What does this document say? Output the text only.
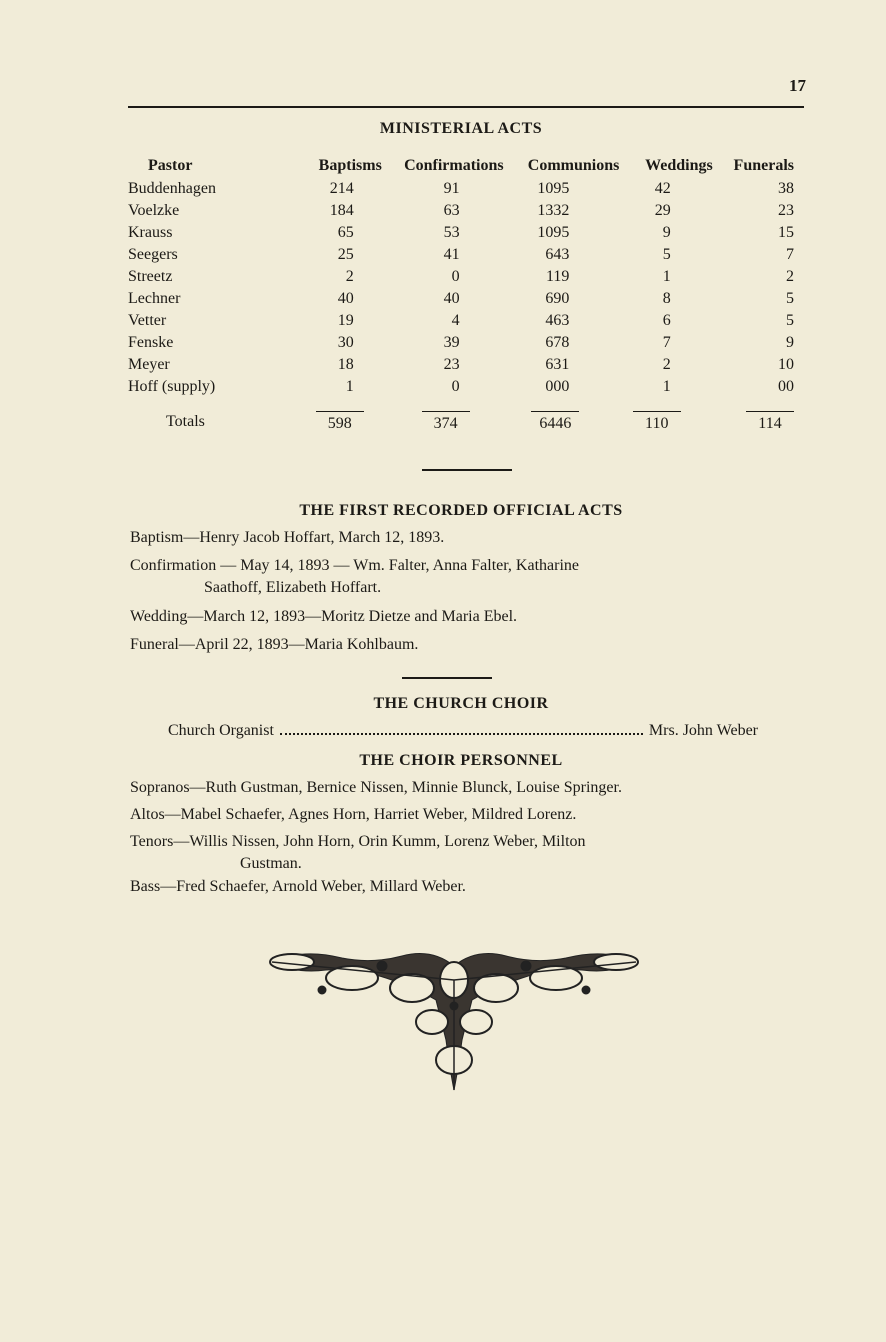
17
MINISTERIAL ACTS
Pastor	Baptisms	Confirmations	Communions	Weddings	Funerals
Buddenhagen	214	91	1095	42	38
Voelzke	184	63	1332	29	23
Krauss	65	53	1095	9	15
Seegers	25	41	643	5	7
Streetz	2	0	119	1	2
Lechner	40	40	690	8	5
Vetter	19	4	463	6	5
Fenske	30	39	678	7	9
Meyer	18	23	631	2	10
Hoff (supply)	1	0	000	1	00
Totals	598	374	6446	110	114
THE FIRST RECORDED OFFICIAL ACTS
Baptism—Henry Jacob Hoffart, March 12, 1893.
Confirmation — May 14, 1893 — Wm. Falter, Anna Falter, Katharine
Saathoff, Elizabeth Hoffart.
Wedding—March 12, 1893—Moritz Dietze and Maria Ebel.
Funeral—April 22, 1893—Maria Kohlbaum.
THE CHURCH CHOIR
Church Organist	Mrs. John Weber
THE CHOIR PERSONNEL
Sopranos—Ruth Gustman, Bernice Nissen, Minnie Blunck, Louise Springer.
Altos—Mabel Schaefer, Agnes Horn, Harriet Weber, Mildred Lorenz.
Tenors—Willis Nissen, John Horn, Orin Kumm, Lorenz Weber, Milton
Gustman.
Bass—Fred Schaefer, Arnold Weber, Millard Weber.
